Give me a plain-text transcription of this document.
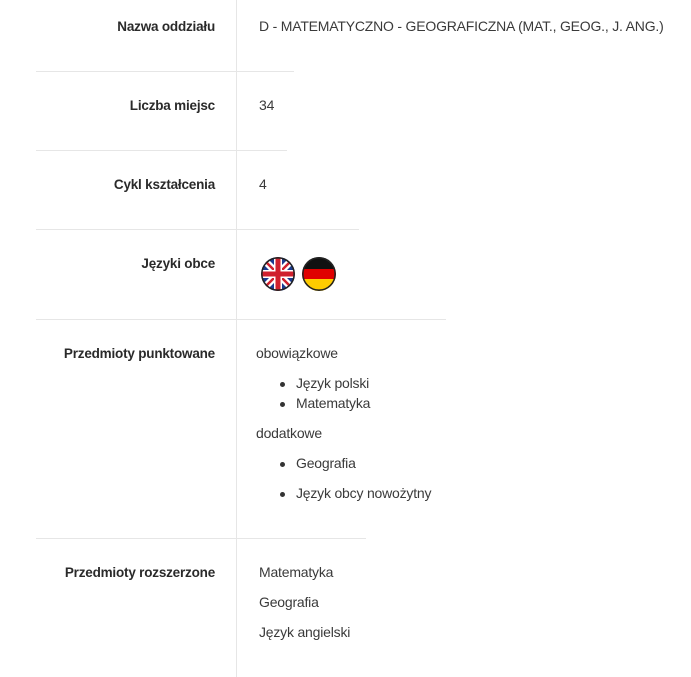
Nazwa oddziału	D - MATEMATYCZNO - GEOGRAFICZNA (MAT., GEOG., J. ANG.)
Liczba miejsc	34
Cykl kształcenia	4
Języki obce
Przedmioty punktowane	obowiązkowe
Język polski
Matematyka
dodatkowe
Geografia
Język obcy nowożytny
Przedmioty rozszerzone	Matematyka
Geografia
Język angielski
